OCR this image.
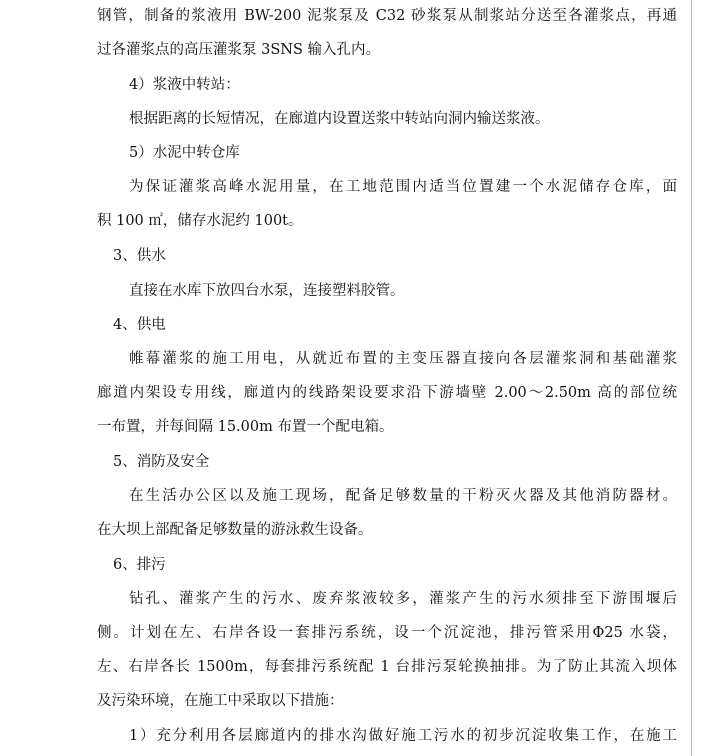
钢管，制备的浆液用 BW-200 泥浆泵及 C32 砂浆泵从制浆站分送至各灌浆点，再通
过各灌浆点的高压灌浆泵 3SNS 输入孔内。
4）浆液中转站：
根据距离的长短情况，在廊道内设置送浆中转站向洞内输送浆液。
5）水泥中转仓库
为保证灌浆高峰水泥用量，在工地范围内适当位置建一个水泥储存仓库，面
积 100 ㎡，储存水泥约 100t。
3、供水
直接在水库下放四台水泵，连接塑料胶管。
4、供电
帷幕灌浆的施工用电，从就近布置的主变压器直接向各层灌浆洞和基础灌浆
廊道内架设专用线，廊道内的线路架设要求沿下游墙壁 2.00～2.50m 高的部位统
一布置，并每间隔 15.00m 布置一个配电箱。
5、消防及安全
在生活办公区以及施工现场，配备足够数量的干粉灭火器及其他消防器材。
在大坝上部配备足够数量的游泳救生设备。
6、排污
钻孔、灌浆产生的污水、废弃浆液较多，灌浆产生的污水须排至下游围堰后
侧。计划在左、右岸各设一套排污系统，设一个沉淀池，排污管采用Φ25 水袋，
左、右岸各长 1500m，每套排污系统配 1 台排污泵轮换抽排。为了防止其流入坝体
及污染环境，在施工中采取以下措施：
1）充分利用各层廊道内的排水沟做好施工污水的初步沉淀收集工作，在施工
